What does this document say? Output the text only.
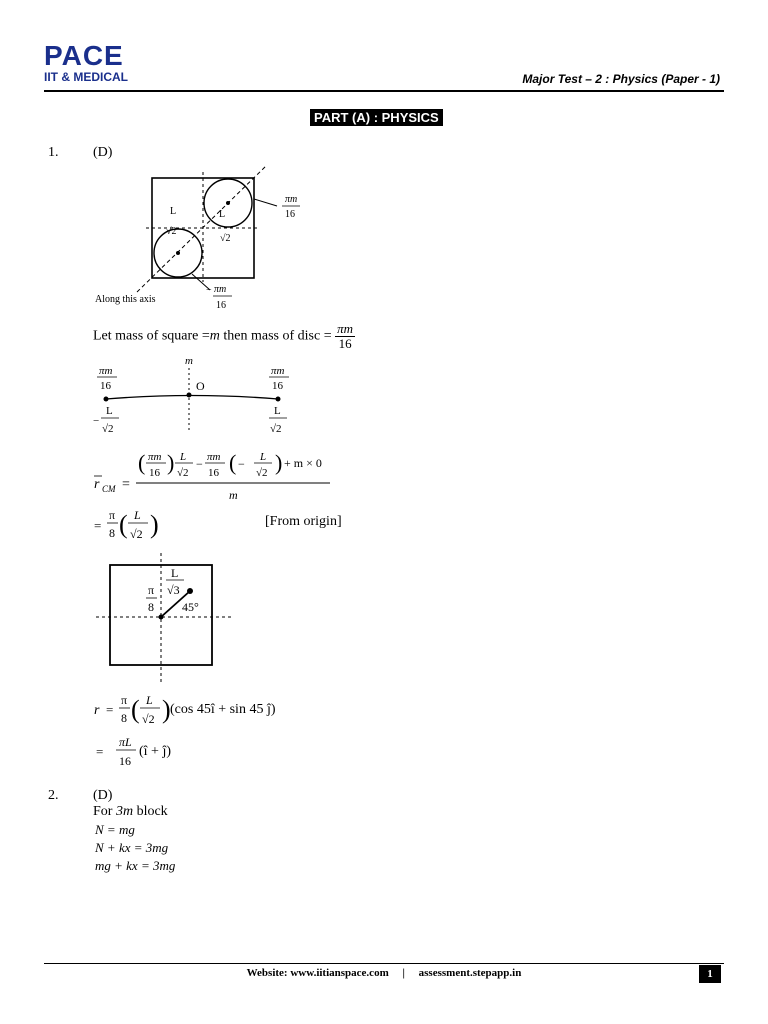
PACE
IIT & MEDICAL	Major Test – 2 : Physics (Paper - 1)
PART (A) : PHYSICS
1. (D)
πm
16
L
√2
L
√2
− πm
16
Along this axis
Let mass of square =m then mass of disc = $\frac{\pi m}{16}$
m
O
πm
16
πm
16
−
L
√2
L
√2
r CM =
( πm
16 ) L
√2
− πm
16 ( − L
√2 ) + m × 0
m
=
π
8 ( L
√2 )	[From origin]
L
√3
π
8 45°
r =
π
8 ( L
√2 ) (cos 45î + sin 45 ĵ)
=
πL
16
(î + ĵ)
2. (D)
For 3m block
N = mg
N + kx = 3mg
mg + kx = 3mg
Website: www.iitianspace.com     |     assessment.stepapp.in	1
